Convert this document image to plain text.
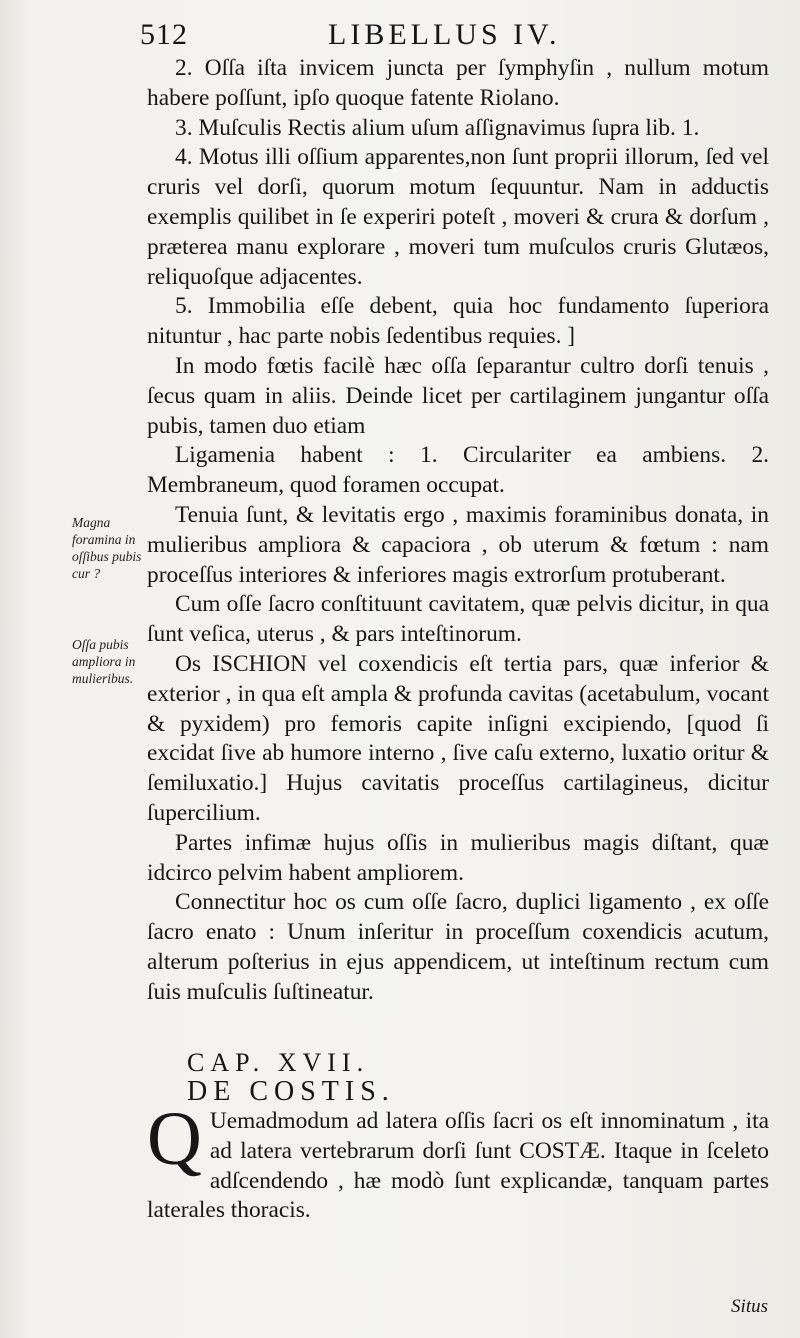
512	LIBELLUS IV.

2. Oſſa iſta invicem juncta per ſymphyſin , nullum motum habere poſſunt, ipſo quoque fatente Riolano.

3. Muſculis Rectis alium uſum aſſignavimus ſupra lib. 1.

4. Motus illi oſſium apparentes,non ſunt proprii illorum, ſed vel cruris vel dorſi, quorum motum ſequuntur. Nam in adductis exemplis quilibet in ſe experiri poteſt , moveri & crura & dorſum , præterea manu explorare , moveri tum muſculos cruris Glutæos, reliquoſque adjacentes.

5. Immobilia eſſe debent, quia hoc fundamento ſuperiora nituntur , hac parte nobis ſedentibus requies. ]

In modo fœtis facilè hæc oſſa ſeparantur cultro dorſi tenuis , ſecus quam in aliis. Deinde licet per cartilaginem jungantur oſſa pubis, tamen duo etiam

Ligamenia habent : 1. Circulariter ea ambiens. 2. Membraneum, quod foramen occupat.

Tenuia ſunt, & levitatis ergo , maximis foraminibus donata, in mulieribus ampliora & capaciora , ob uterum & fœtum : nam proceſſus interiores & inferiores magis extrorſum protuberant.

Cum oſſe ſacro conſtituunt cavitatem, quæ pelvis dicitur, in qua ſunt veſica, uterus , & pars inteſtinorum.

Os ISCHION vel coxendicis eſt tertia pars, quæ inferior & exterior , in qua eſt ampla & profunda cavitas (acetabulum, vocant & pyxidem) pro femoris capite inſigni excipiendo, [quod ſi excidat ſive ab humore interno , ſive caſu externo, luxatio oritur & ſemiluxatio.] Hujus cavitatis proceſſus cartilagineus, dicitur ſupercilium.

Partes infimæ hujus oſſis in mulieribus magis diſtant, quæ idcirco pelvim habent ampliorem.

Connectitur hoc os cum oſſe ſacro, duplici ligamento , ex oſſe ſacro enato : Unum inſeritur in proceſſum coxendicis acutum, alterum poſterius in ejus appendicem, ut inteſtinum rectum cum ſuis muſculis ſuſtineatur.

CAP. XVII.

DE COSTIS.

Q Uemadmodum ad latera oſſis ſacri os eſt innominatum , ita ad latera vertebrarum dorſi ſunt COSTÆ. Itaque in ſceleto adſcendendo , hæ modò ſunt explicandæ, tanquam partes laterales thoracis.

Magna foramina in oſſibus pubis cur ?
Oſſa pubis ampliora in mulieribus.
Situs
